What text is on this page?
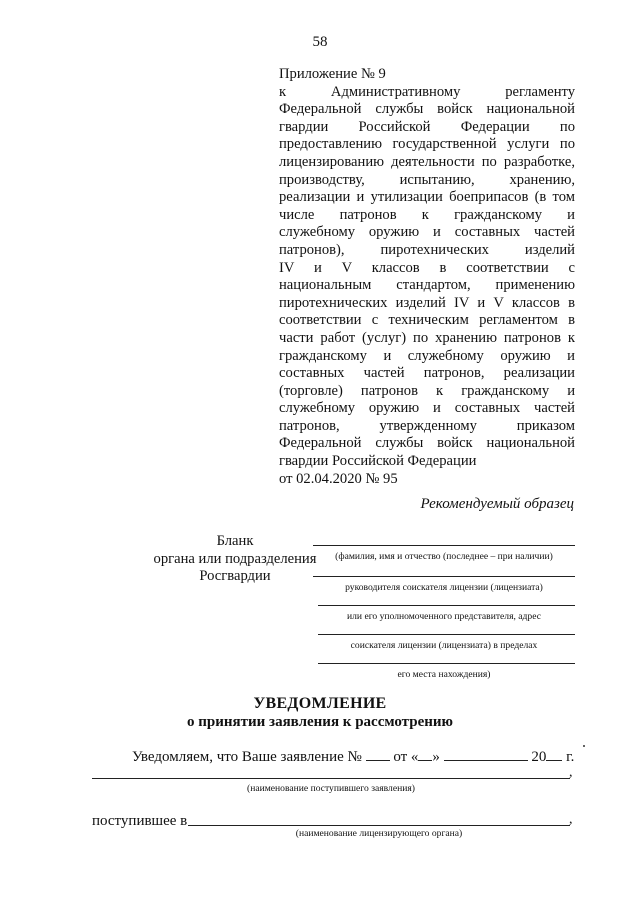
58
Приложение № 9
к Административному регламенту
Федеральной службы войск национальной
гвардии Российской Федерации по
предоставлению государственной услуги по
лицензированию деятельности по разработке,
производству, испытанию, хранению,
реализации и утилизации боеприпасов (в том
числе патронов к гражданскому и
служебному оружию и составных частей
патронов), пиротехнических изделий
IV и V классов в соответствии с
национальным стандартом, применению
пиротехнических изделий IV и V классов в
соответствии с техническим регламентом в
части работ (услуг) по хранению патронов к
гражданскому и служебному оружию и
составных частей патронов, реализации
(торговле) патронов к гражданскому и
служебному оружию и составных частей
патронов, утвержденному приказом
Федеральной службы войск национальной
гвардии Российской Федерации
от 02.04.2020 № 95
Рекомендуемый образец
Бланк
органа или подразделения
Росгвардии
(фамилия, имя и отчество (последнее – при наличии)
руководителя соискателя лицензии (лицензиата)
или его уполномоченного представителя, адрес
соискателя лицензии (лицензиата) в пределах
его места нахождения)
УВЕДОМЛЕНИЕ
о принятии заявления к рассмотрению
Уведомляем, что Ваше заявление № от « »	20 г.
,
(наименование поступившего заявления)
поступившее в	,
(наименование лицензирующего органа)
